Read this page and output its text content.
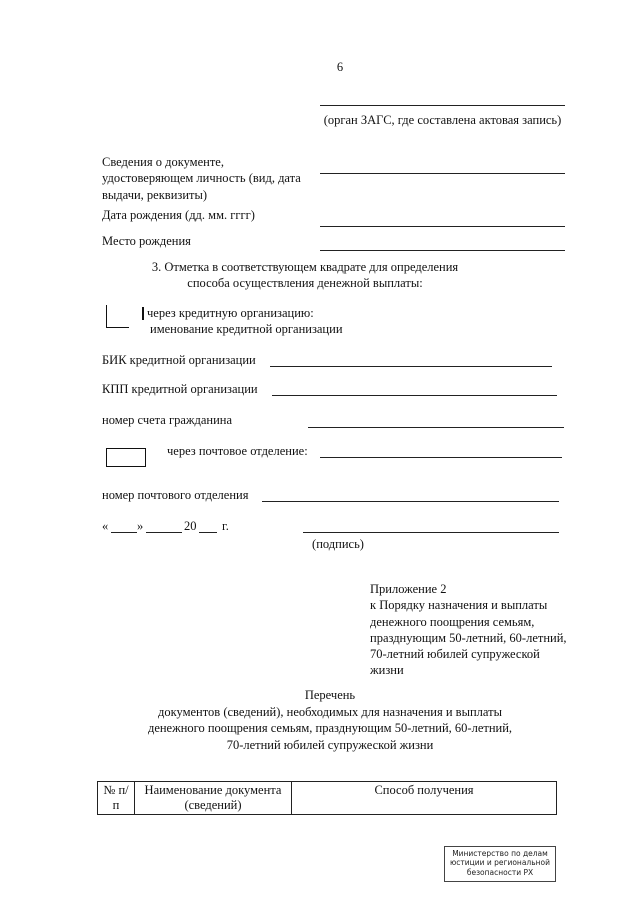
6
(орган ЗАГС, где составлена актовая запись)
Сведения о документе, удостоверяющем личность (вид, дата выдачи, реквизиты)
Дата рождения (дд. мм. гггг)
Место рождения
3. Отметка в соответствующем квадрате для определения способа осуществления денежной выплаты:
через кредитную организацию:
именование кредитной организации
БИК кредитной организации
КПП кредитной организации
номер счета гражданина
через почтовое отделение:
номер почтового отделения
« »	20 г.
(подпись)
Приложение 2
к Порядку назначения и выплаты
денежного поощрения семьям,
празднующим 50-летний, 60-летний,
70-летний юбилей супружеской
жизни
Перечень
документов (сведений), необходимых для назначения и выплаты
денежного поощрения семьям, празднующим 50-летний, 60-летний,
70-летний юбилей супружеской жизни
№ п/п	Наименование документа (сведений)	Способ получения
Министерство по делам
юстиции и региональной
безопасности РХ
